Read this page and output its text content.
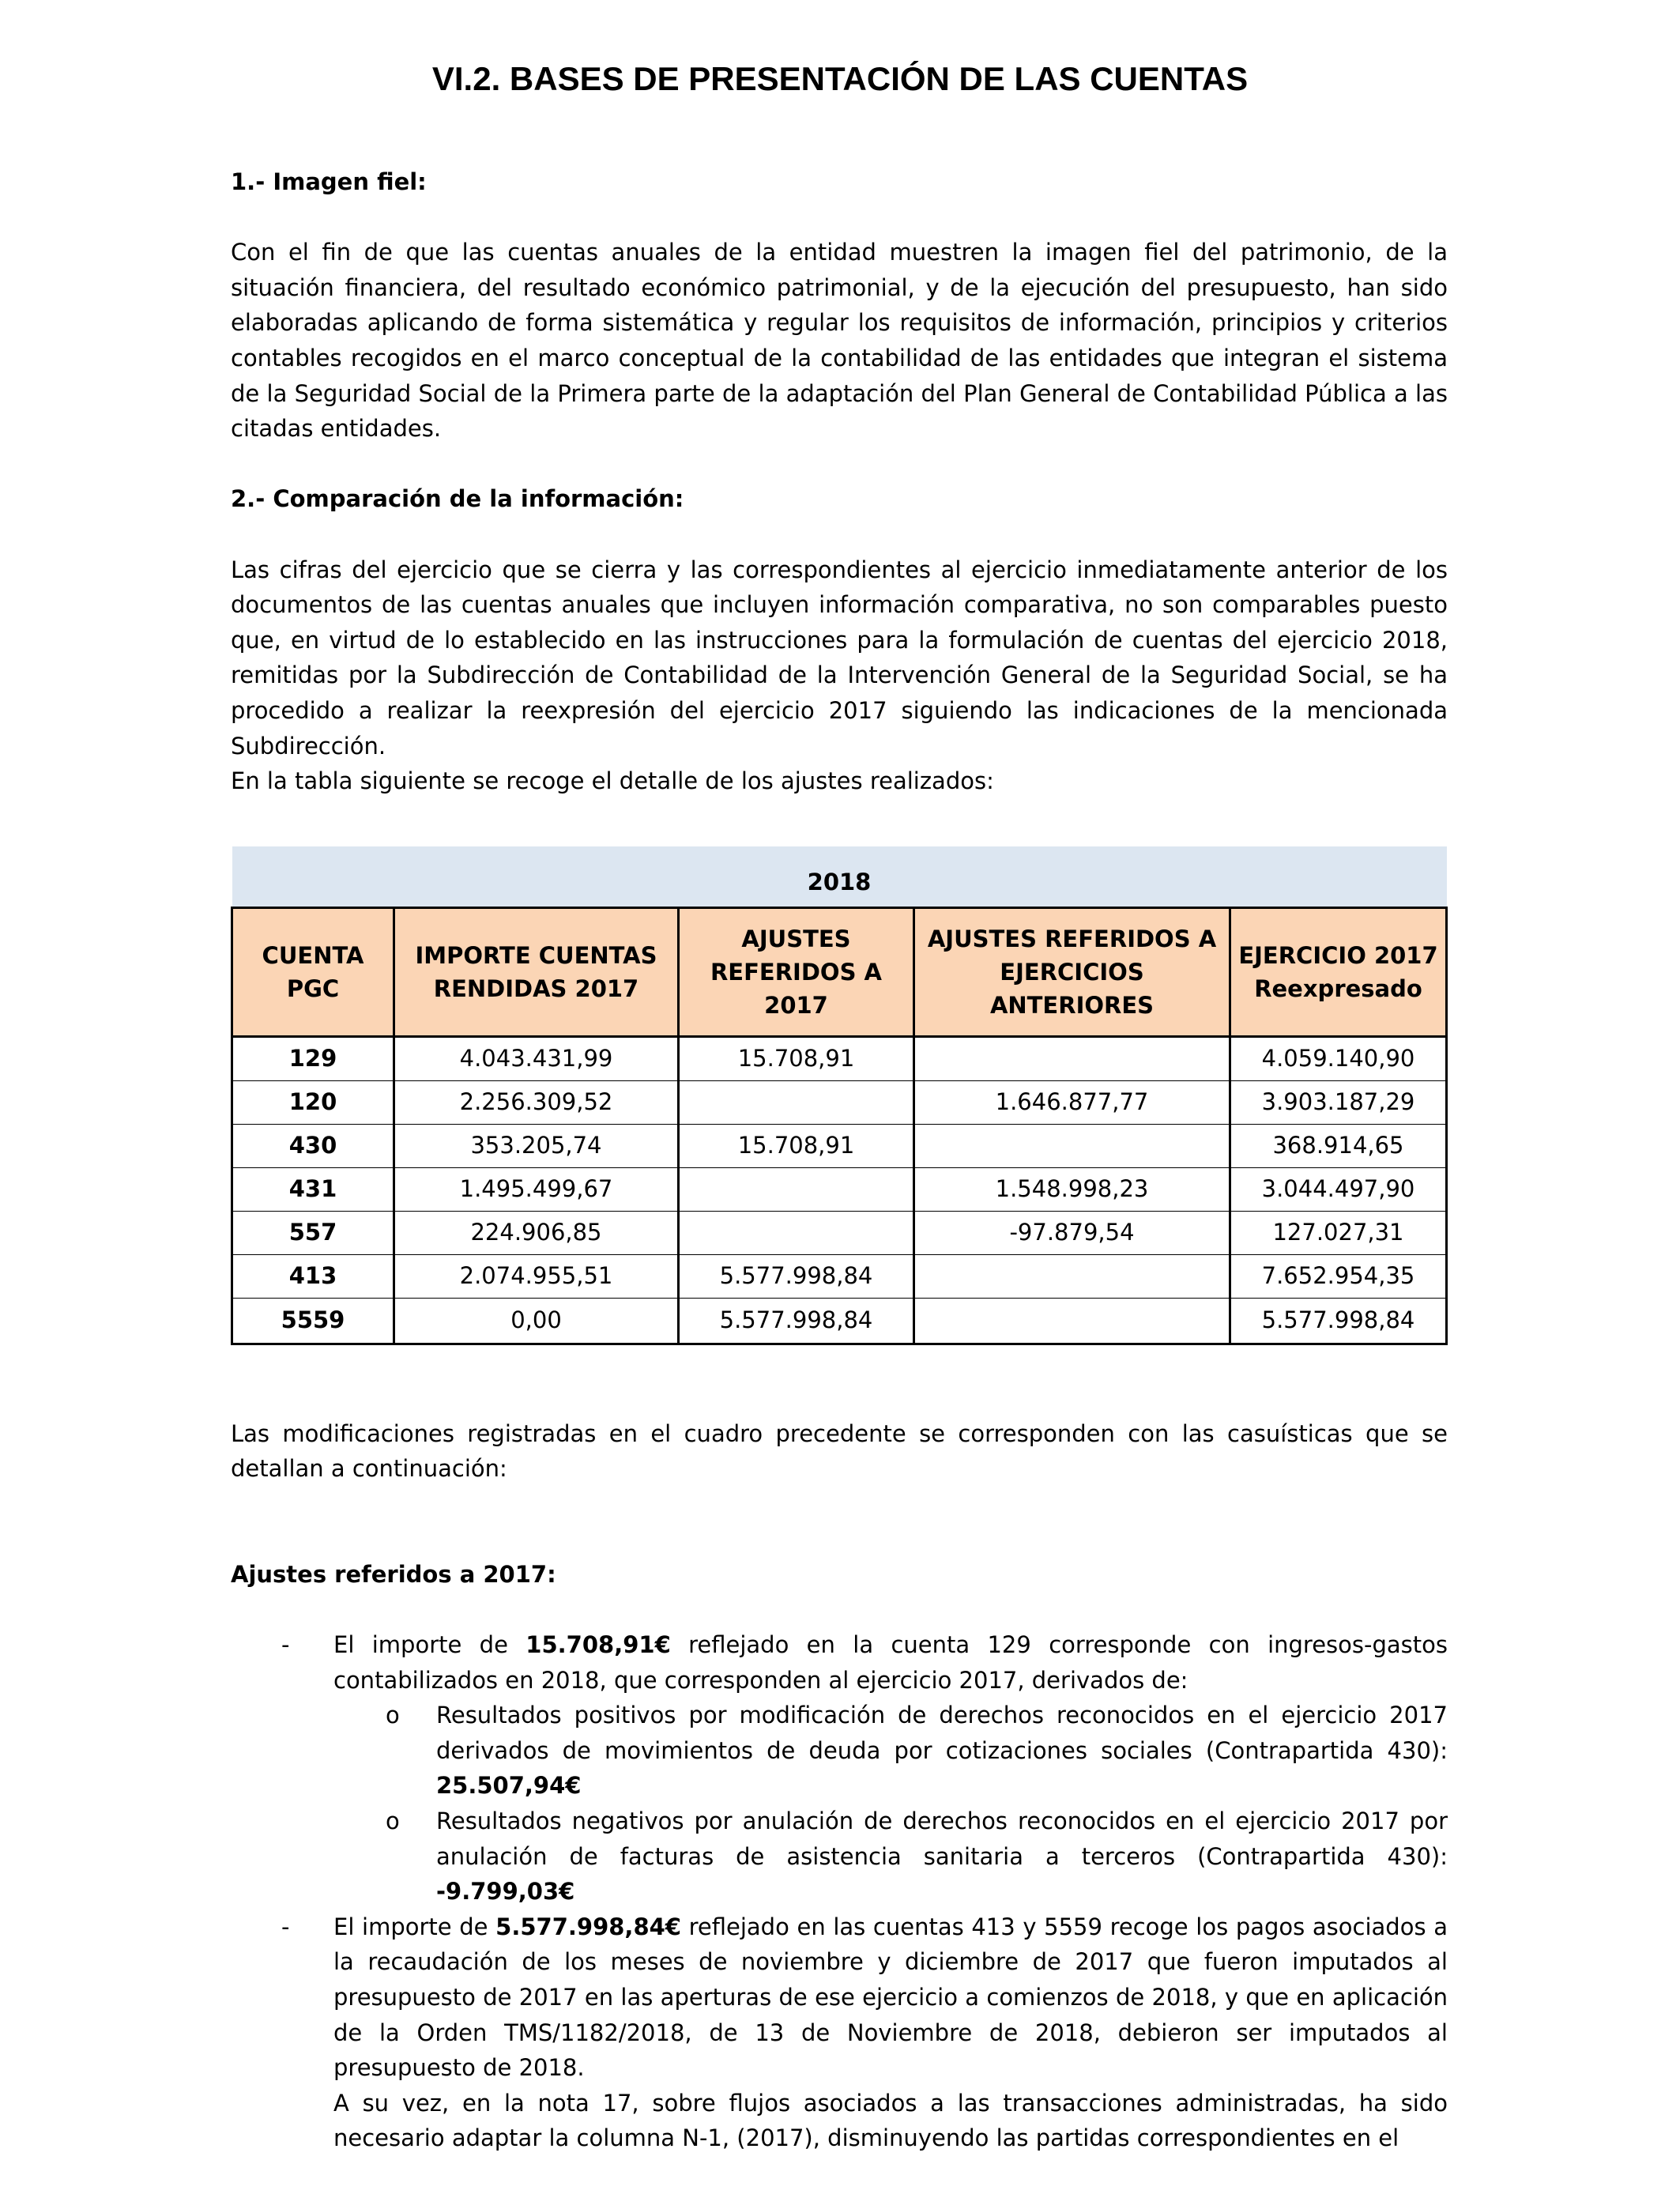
VI.2. BASES DE PRESENTACIÓN DE LAS CUENTAS

1.- Imagen fiel:

Con el fin de que las cuentas anuales de la entidad muestren la imagen fiel del patrimonio, de la situación financiera, del resultado económico patrimonial, y de la ejecución del presupuesto, han sido elaboradas aplicando de forma sistemática y regular los requisitos de información, principios y criterios contables recogidos en el marco conceptual de la contabilidad de las entidades que integran el sistema de la Seguridad Social de la Primera parte de la adaptación del Plan General de Contabilidad Pública a las citadas entidades.

2.- Comparación de la información:

Las cifras del ejercicio que se cierra y las correspondientes al ejercicio inmediatamente anterior de los documentos de las cuentas anuales que incluyen información comparativa, no son comparables puesto que, en virtud de lo establecido en las instrucciones para la formulación de cuentas del ejercicio 2018, remitidas por la Subdirección de Contabilidad de la Intervención General de la Seguridad Social, se ha procedido a realizar la reexpresión del ejercicio 2017 siguiendo las indicaciones de la mencionada Subdirección.

En la tabla siguiente se recoge el detalle de los ajustes realizados:

2018				
CUENTA PGC	IMPORTE CUENTAS RENDIDAS 2017	AJUSTES REFERIDOS A 2017	AJUSTES REFERIDOS A EJERCICIOS ANTERIORES	EJERCICIO 2017 Reexpresado
129	4.043.431,99	15.708,91		4.059.140,90
120	2.256.309,52		1.646.877,77	3.903.187,29
430	353.205,74	15.708,91		368.914,65
431	1.495.499,67		1.548.998,23	3.044.497,90
557	224.906,85		-97.879,54	127.027,31
413	2.074.955,51	5.577.998,84		7.652.954,35
5559	0,00	5.577.998,84		5.577.998,84

Las modificaciones registradas en el cuadro precedente se corresponden con las casuísticas que se detallan a continuación:

Ajustes referidos a 2017:

- El importe de 15.708,91€ reflejado en la cuenta 129 corresponde con ingresos-gastos contabilizados en 2018, que corresponden al ejercicio 2017, derivados de:

o Resultados positivos por modificación de derechos reconocidos en el ejercicio 2017 derivados de movimientos de deuda por cotizaciones sociales (Contrapartida 430): 25.507,94€

o Resultados negativos por anulación de derechos reconocidos en el ejercicio 2017 por anulación de facturas de asistencia sanitaria a terceros (Contrapartida 430): -9.799,03€

- El importe de 5.577.998,84€ reflejado en las cuentas 413 y 5559 recoge los pagos asociados a la recaudación de los meses de noviembre y diciembre de 2017 que fueron imputados al presupuesto de 2017 en las aperturas de ese ejercicio a comienzos de 2018, y que en aplicación de la Orden TMS/1182/2018, de 13 de Noviembre de 2018, debieron ser imputados al presupuesto de 2018.

A su vez, en la nota 17, sobre flujos asociados a las transacciones administradas, ha sido necesario adaptar la columna N-1, (2017), disminuyendo las partidas correspondientes en el
